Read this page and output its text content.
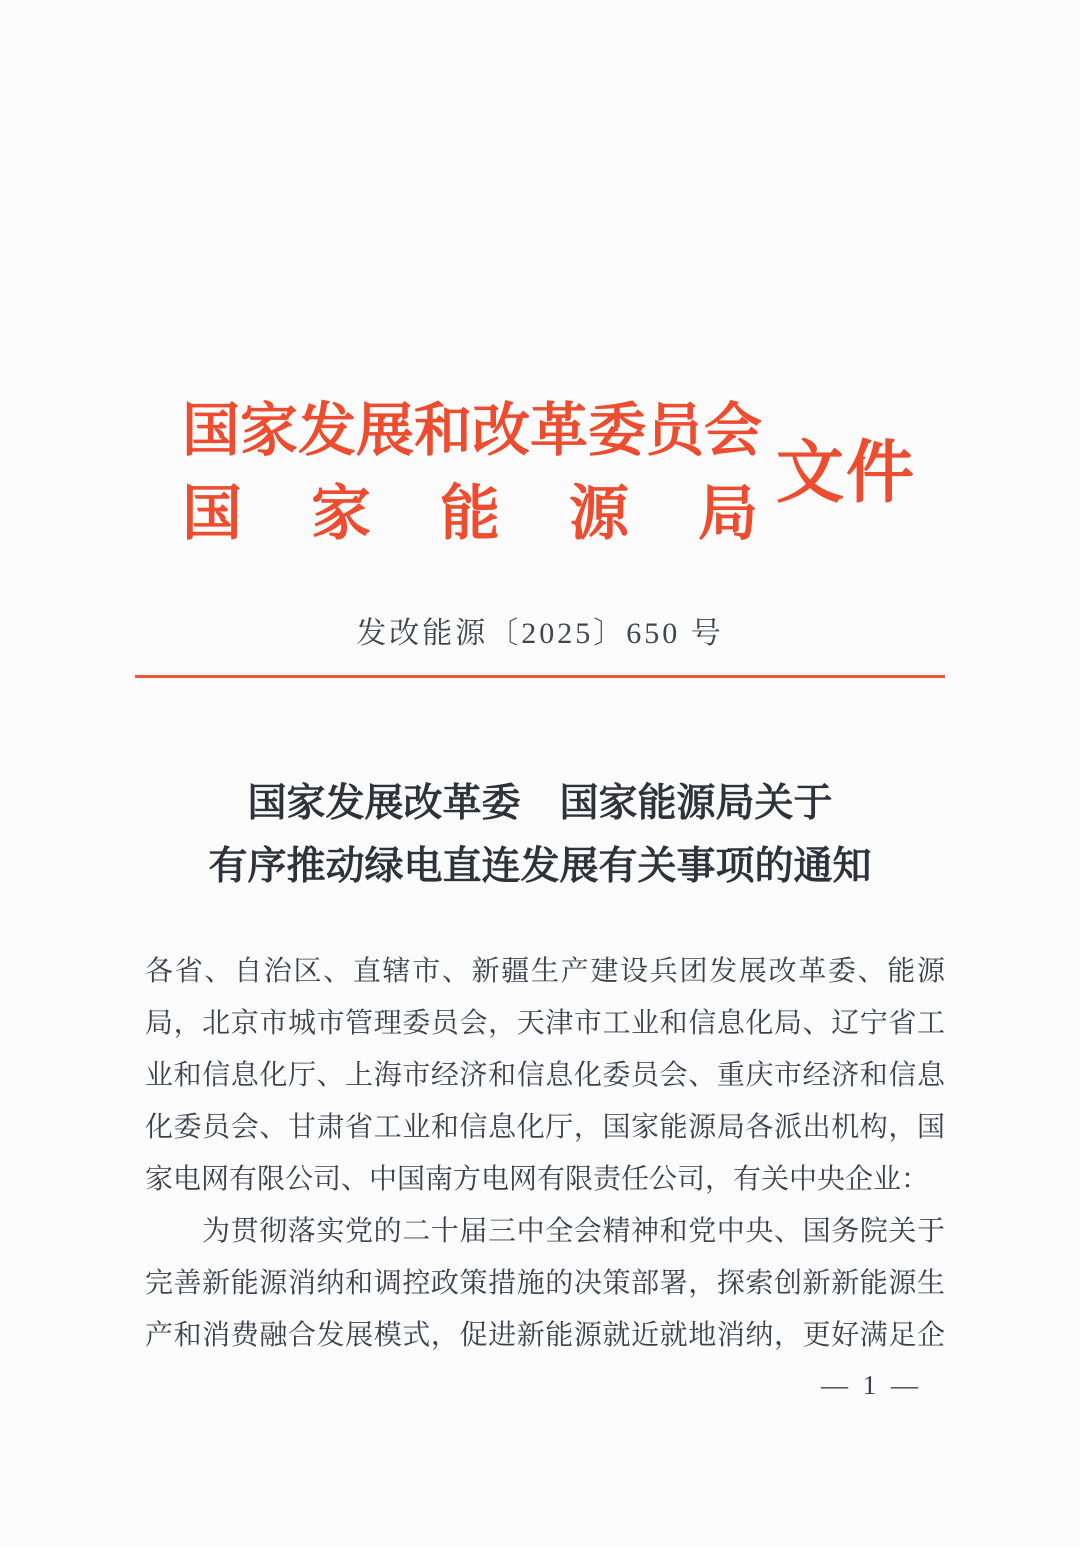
国家发展和改革委员会
国家能源局
文件
发改能源〔2025〕650 号
国家发展改革委　国家能源局关于
有序推动绿电直连发展有关事项的通知
各省、自治区、直辖市、新疆生产建设兵团发展改革委、能源
局，北京市城市管理委员会，天津市工业和信息化局、辽宁省工
业和信息化厅、上海市经济和信息化委员会、重庆市经济和信息
化委员会、甘肃省工业和信息化厅，国家能源局各派出机构，国
家电网有限公司、中国南方电网有限责任公司，有关中央企业：
为贯彻落实党的二十届三中全会精神和党中央、国务院关于
完善新能源消纳和调控政策措施的决策部署，探索创新新能源生
产和消费融合发展模式，促进新能源就近就地消纳，更好满足企
— 1 —
